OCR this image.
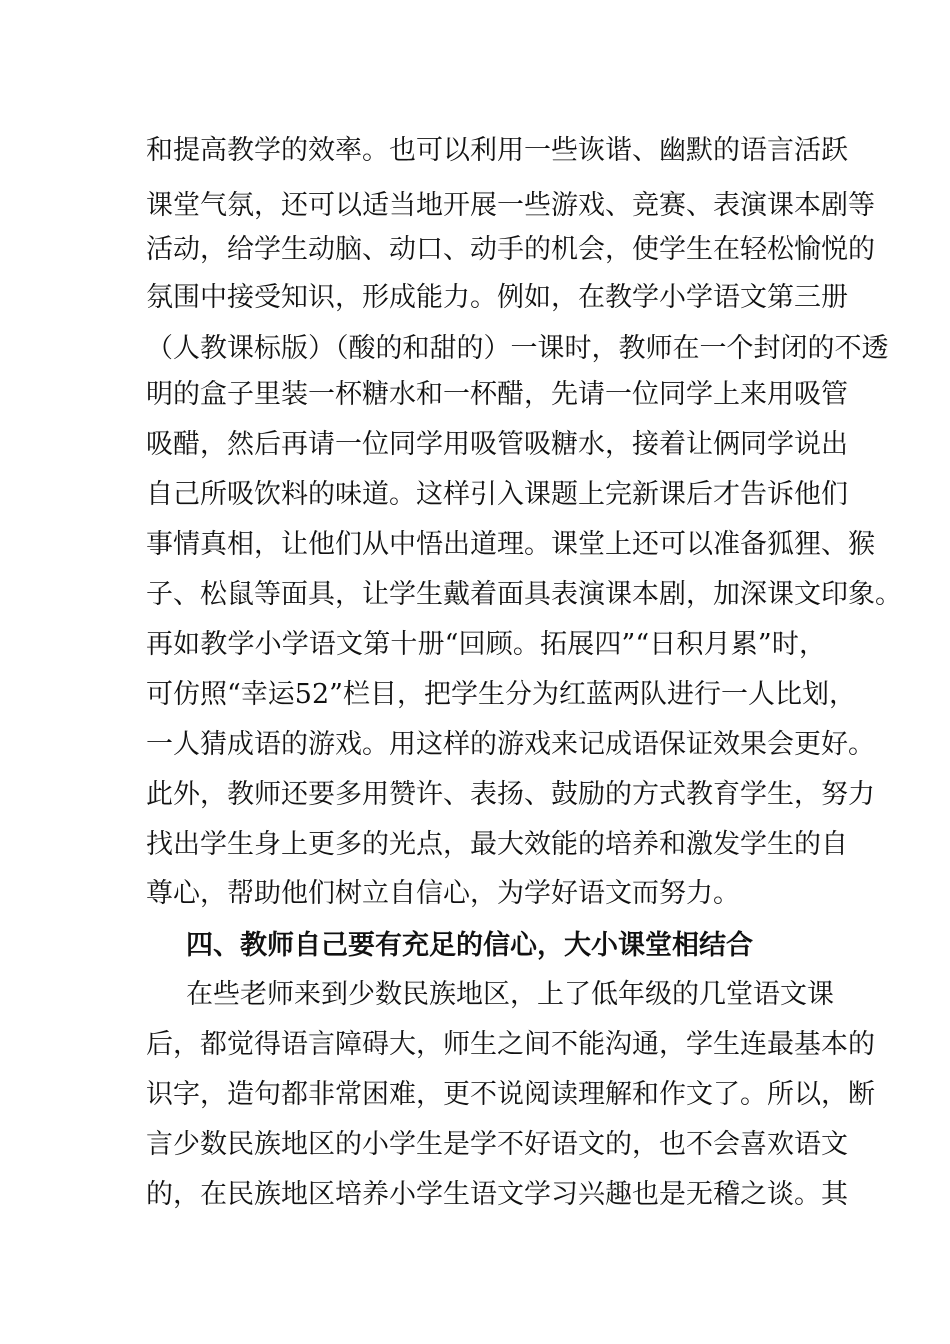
和提高教学的效率。也可以利用一些诙谐、幽默的语言活跃
课堂气氛，还可以适当地开展一些游戏、竞赛、表演课本剧等
活动，给学生动脑、动口、动手的机会，使学生在轻松愉悦的
氛围中接受知识，形成能力。例如，在教学小学语文第三册
（人教课标版）（酸的和甜的）一课时，教师在一个封闭的不透
明的盒子里装一杯糖水和一杯醋，先请一位同学上来用吸管
吸醋，然后再请一位同学用吸管吸糖水，接着让俩同学说出
自己所吸饮料的味道。这样引入课题上完新课后才告诉他们
事情真相，让他们从中悟出道理。课堂上还可以准备狐狸、猴
子、松鼠等面具，让学生戴着面具表演课本剧，加深课文印象。
再如教学小学语文第十册“回顾。拓展四”“日积月累”时，
可仿照“幸运52”栏目，把学生分为红蓝两队进行一人比划，
一人猜成语的游戏。用这样的游戏来记成语保证效果会更好。
此外，教师还要多用赞许、表扬、鼓励的方式教育学生，努力
找出学生身上更多的光点，最大效能的培养和激发学生的自
尊心，帮助他们树立自信心，为学好语文而努力。
四、教师自己要有充足的信心，大小课堂相结合
在些老师来到少数民族地区，上了低年级的几堂语文课
后，都觉得语言障碍大，师生之间不能沟通，学生连最基本的
识字，造句都非常困难，更不说阅读理解和作文了。所以，断
言少数民族地区的小学生是学不好语文的，也不会喜欢语文
的，在民族地区培养小学生语文学习兴趣也是无稽之谈。其
